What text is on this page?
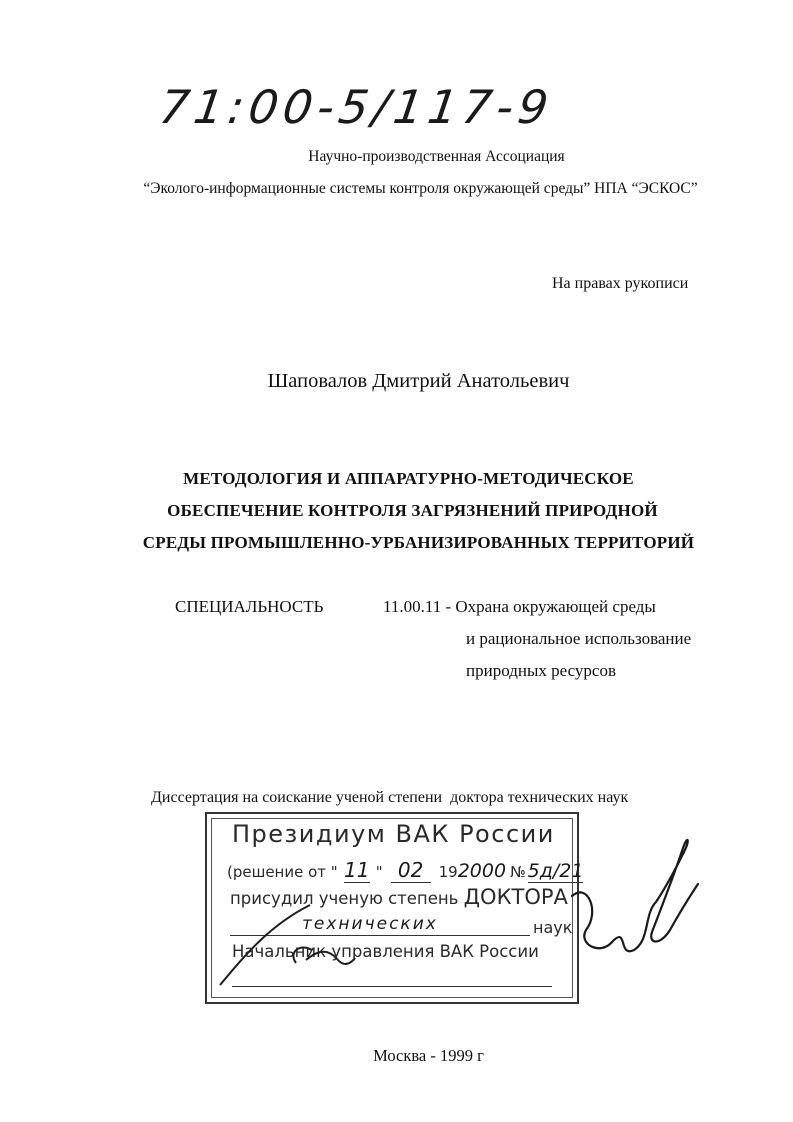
71:00-5/117-9
Научно-производственная Ассоциация
“Эколого-информационные системы контроля окружающей среды” НПА “ЭСКОС”
На правах рукописи
Шаповалов Дмитрий Анатольевич
МЕТОДОЛОГИЯ И АППАРАТУРНО-МЕТОДИЧЕСКОЕ
ОБЕСПЕЧЕНИЕ КОНТРОЛЯ ЗАГРЯЗНЕНИЙ ПРИРОДНОЙ
СРЕДЫ ПРОМЫШЛЕННО-УРБАНИЗИРОВАННЫХ ТЕРРИТОРИЙ
СПЕЦИАЛЬНОСТЬ	11.00.11 - Охрана окружающей среды
и рациональное использование
природных ресурсов
Диссертация на соискание ученой степени  доктора технических наук
Президиум ВАК России
(решение от " 11 " 02 192000 № 5д/21
присудил ученую степень ДОКТОРА
технических	наук
Начальник управления ВАК России
Москва - 1999 г
